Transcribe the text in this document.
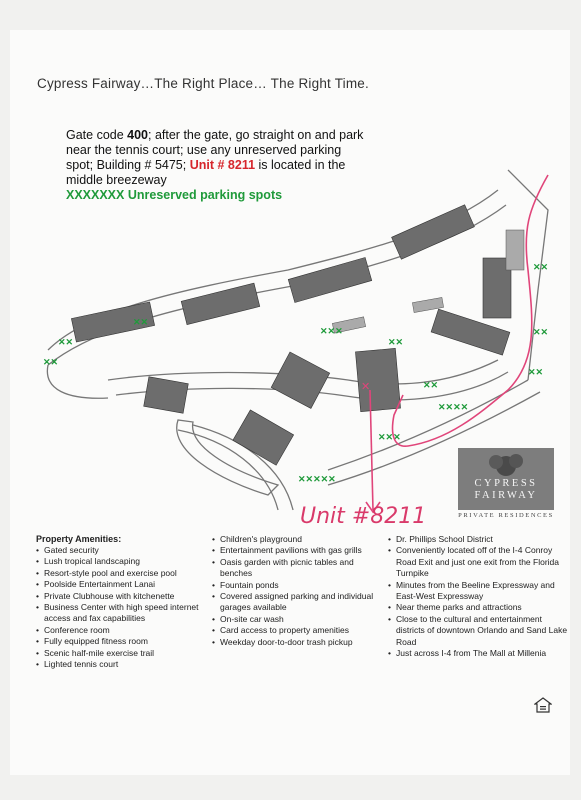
Cypress Fairway…The Right Place… The Right Time.
Gate code 400; after the gate, go straight on and park near the tennis court; use any unreserved parking spot; Building # 5475; Unit # 8211 is located in the middle breezeway
XXXXXXX Unreserved parking spots
✕✕
✕✕
✕✕
✕✕✕
✕✕
✕✕
✕✕
✕✕
✕✕✕✕
✕✕✕
✕✕✕✕✕
✕✕
✕
Unit #8211
CYPRESS
FAIRWAY
PRIVATE RESIDENCES
Property Amenities:
• Gated security
• Lush tropical landscaping
• Resort-style pool and exercise pool
• Poolside Entertainment Lanai
• Private Clubhouse with kitchenette
• Business Center with high speed internet access and fax capabilities
• Conference room
• Fully equipped fitness room
• Scenic half-mile exercise trail
• Lighted tennis court
• Children's playground
• Entertainment pavilions with gas grills
• Oasis garden with picnic tables and benches
• Fountain ponds
• Covered assigned parking and individual garages available
• On-site car wash
• Card access to property amenities
• Weekday door-to-door trash pickup
• Dr. Phillips School District
• Conveniently located off of the I-4 Conroy Road Exit and just one exit from the Florida Turnpike
• Minutes from the Beeline Expressway and East-West Expressway
• Near theme parks and attractions
• Close to the cultural and entertainment districts of downtown Orlando and Sand Lake Road
• Just across I-4 from The Mall at Millenia
